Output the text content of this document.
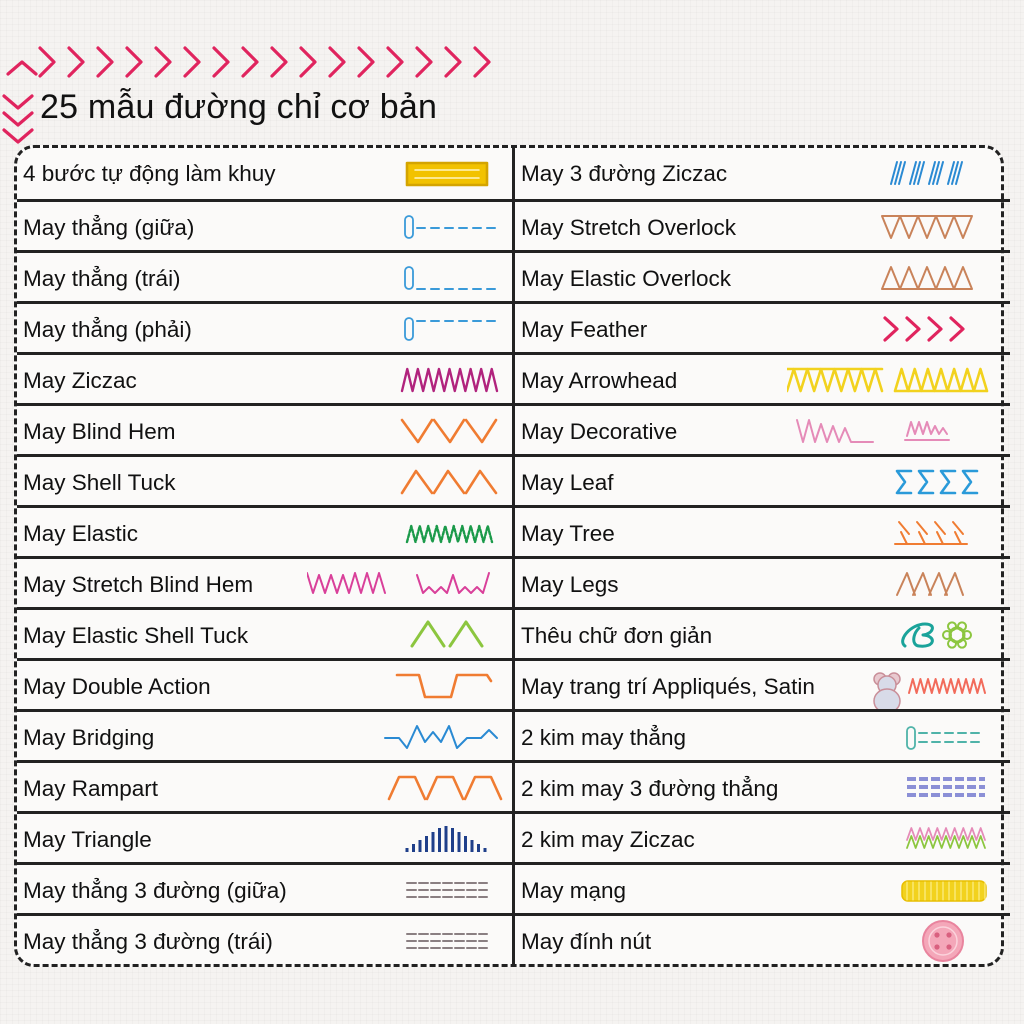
25 mẫu đường chỉ cơ bản
4 bước tự động làm khuy
May thẳng (giữa)
May thẳng (trái)
May thẳng (phải)
May Ziczac
May Blind Hem
May Shell Tuck
May Elastic
May Stretch Blind Hem
May Elastic Shell Tuck
May Double Action
May Bridging
May Rampart
May Triangle
May thẳng 3 đường (giữa)
May thẳng 3 đường (trái)
May 3 đường Ziczac
May Stretch Overlock
May Elastic Overlock
May Feather
May Arrowhead
May Decorative
May Leaf
May Tree
May Legs
Thêu chữ đơn giản
May trang trí Appliqués, Satin
2 kim may thẳng
2 kim may 3 đường thẳng
2 kim may Ziczac
May mạng
May đính nút
